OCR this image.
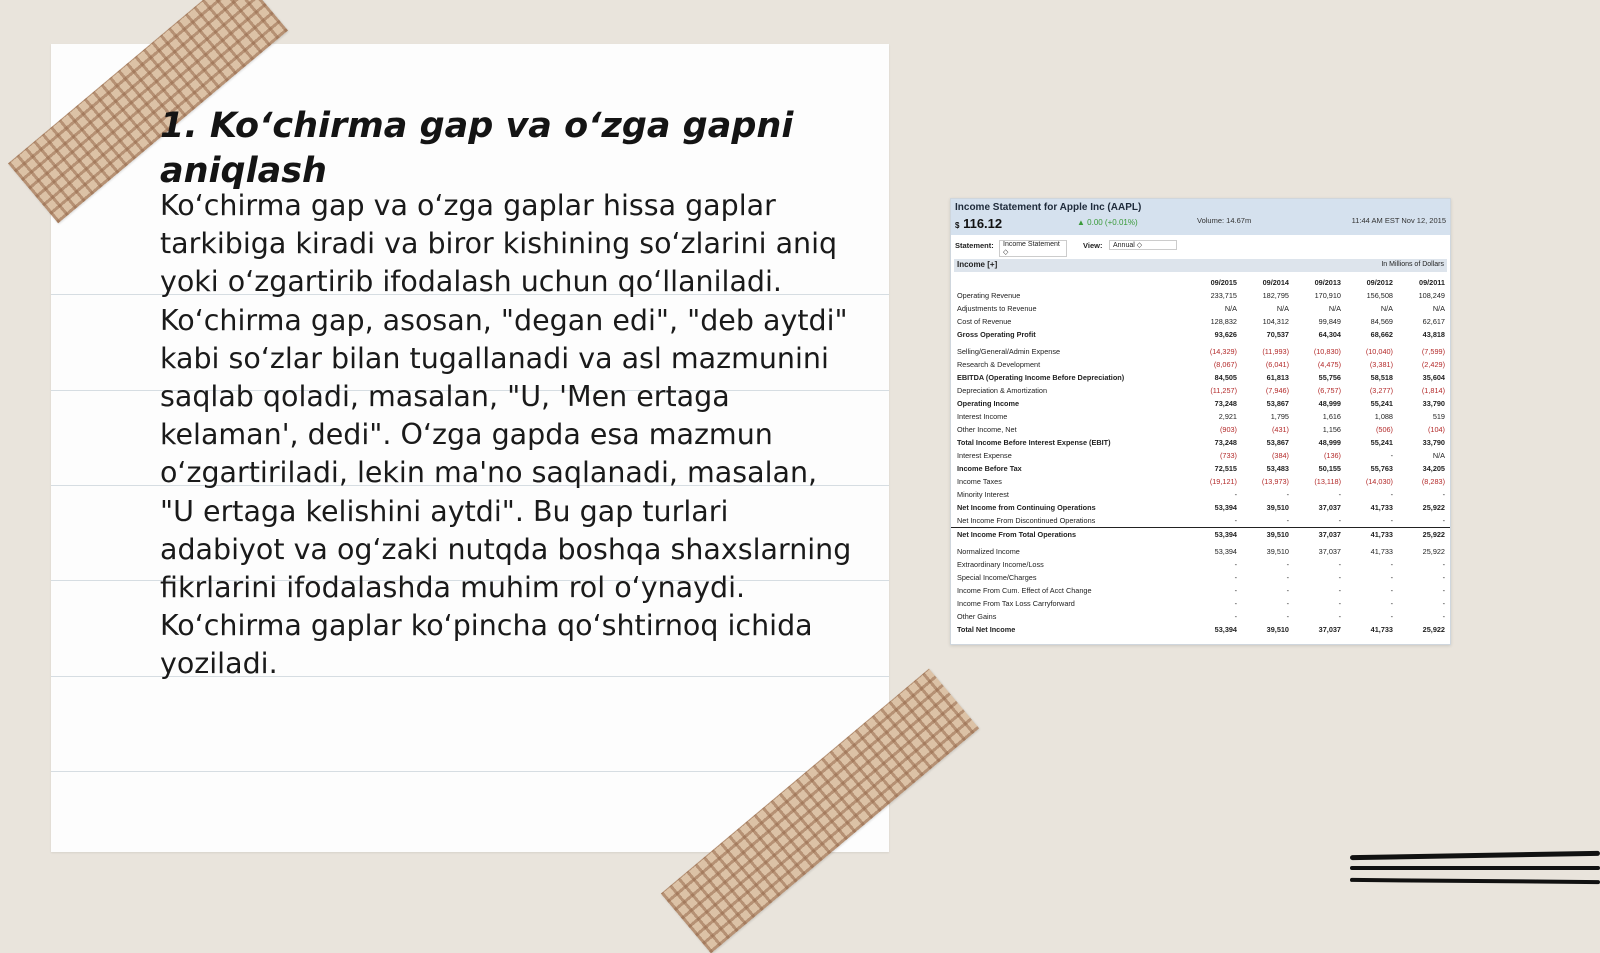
1. Ko‘chirma gap va o‘zga gapni aniqlash

Ko‘chirma gap va o‘zga gaplar hissa gaplar tarkibiga kiradi va biror kishining so‘zlarini aniq yoki o‘zgartirib ifodalash uchun qo‘llaniladi. Ko‘chirma gap, asosan, "degan edi", "deb aytdi" kabi so‘zlar bilan tugallanadi va asl mazmunini saqlab qoladi, masalan, "U, 'Men ertaga kelaman', dedi". O‘zga gapda esa mazmun o‘zgartiriladi, lekin ma'no saqlanadi, masalan, "U ertaga kelishini aytdi". Bu gap turlari adabiyot va og‘zaki nutqda boshqa shaxslarning fikrlarini ifodalashda muhim rol o‘ynaydi. Ko‘chirma gaplar ko‘pincha qo‘shtirnoq ichida yoziladi.

Income Statement for Apple Inc (AAPL)
$ 116.12	▲ 0.00 (+0.01%)	Volume: 14.67m	11:44 AM EST Nov 12, 2015
Statement:	Income Statement ◇
View:	Annual ◇
Income [+]	In Millions of Dollars
09/2015	09/2014	09/2013	09/2012	09/2011
Operating Revenue	233,715	182,795	170,910	156,508	108,249
Adjustments to Revenue	N/A	N/A	N/A	N/A	N/A
Cost of Revenue	128,832	104,312	99,849	84,569	62,617
Gross Operating Profit	93,626	70,537	64,304	68,662	43,818
Selling/General/Admin Expense	(14,329)	(11,993)	(10,830)	(10,040)	(7,599)
Research & Development	(8,067)	(6,041)	(4,475)	(3,381)	(2,429)
EBITDA (Operating Income Before Depreciation)	84,505	61,813	55,756	58,518	35,604
Depreciation & Amortization	(11,257)	(7,946)	(6,757)	(3,277)	(1,814)
Operating Income	73,248	53,867	48,999	55,241	33,790
Interest Income	2,921	1,795	1,616	1,088	519
Other Income, Net	(903)	(431)	1,156	(506)	(104)
Total Income Before Interest Expense (EBIT)	73,248	53,867	48,999	55,241	33,790
Interest Expense	(733)	(384)	(136)	-	N/A
Income Before Tax	72,515	53,483	50,155	55,763	34,205
Income Taxes	(19,121)	(13,973)	(13,118)	(14,030)	(8,283)
Minority Interest	-	-	-	-	-
Net Income from Continuing Operations	53,394	39,510	37,037	41,733	25,922
Net Income From Discontinued Operations	-	-	-	-	-
Net Income From Total Operations	53,394	39,510	37,037	41,733	25,922
Normalized Income	53,394	39,510	37,037	41,733	25,922
Extraordinary Income/Loss	-	-	-	-	-
Special Income/Charges	-	-	-	-	-
Income From Cum. Effect of Acct Change	-	-	-	-	-
Income From Tax Loss Carryforward	-	-	-	-	-
Other Gains	-	-	-	-	-
Total Net Income	53,394	39,510	37,037	41,733	25,922
